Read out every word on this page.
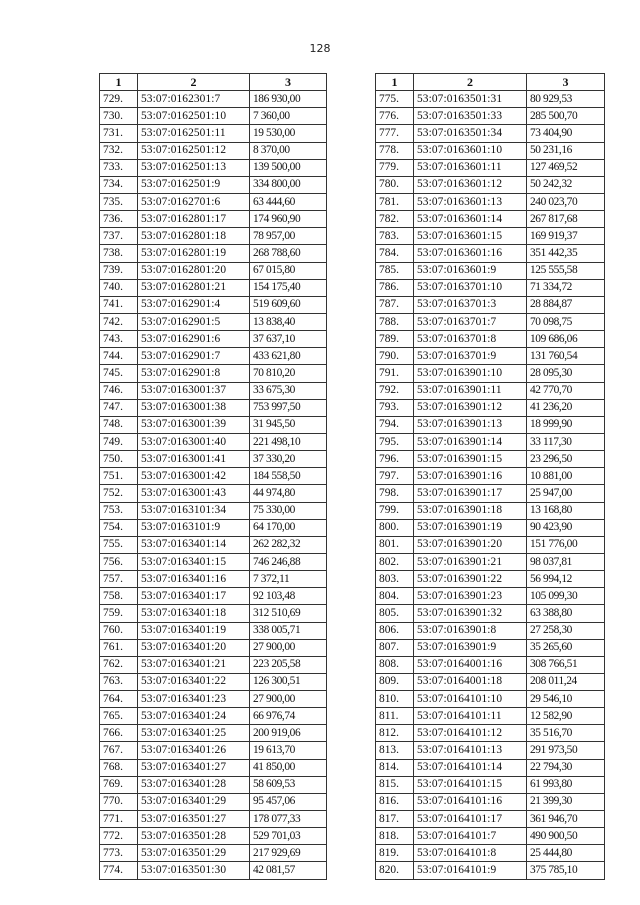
128
1	2	3
729.	53:07:0162301:7	186 930,00
730.	53:07:0162501:10	7 360,00
731.	53:07:0162501:11	19 530,00
732.	53:07:0162501:12	8 370,00
733.	53:07:0162501:13	139 500,00
734.	53:07:0162501:9	334 800,00
735.	53:07:0162701:6	63 444,60
736.	53:07:0162801:17	174 960,90
737.	53:07:0162801:18	78 957,00
738.	53:07:0162801:19	268 788,60
739.	53:07:0162801:20	67 015,80
740.	53:07:0162801:21	154 175,40
741.	53:07:0162901:4	519 609,60
742.	53:07:0162901:5	13 838,40
743.	53:07:0162901:6	37 637,10
744.	53:07:0162901:7	433 621,80
745.	53:07:0162901:8	70 810,20
746.	53:07:0163001:37	33 675,30
747.	53:07:0163001:38	753 997,50
748.	53:07:0163001:39	31 945,50
749.	53:07:0163001:40	221 498,10
750.	53:07:0163001:41	37 330,20
751.	53:07:0163001:42	184 558,50
752.	53:07:0163001:43	44 974,80
753.	53:07:0163101:34	75 330,00
754.	53:07:0163101:9	64 170,00
755.	53:07:0163401:14	262 282,32
756.	53:07:0163401:15	746 246,88
757.	53:07:0163401:16	7 372,11
758.	53:07:0163401:17	92 103,48
759.	53:07:0163401:18	312 510,69
760.	53:07:0163401:19	338 005,71
761.	53:07:0163401:20	27 900,00
762.	53:07:0163401:21	223 205,58
763.	53:07:0163401:22	126 300,51
764.	53:07:0163401:23	27 900,00
765.	53:07:0163401:24	66 976,74
766.	53:07:0163401:25	200 919,06
767.	53:07:0163401:26	19 613,70
768.	53:07:0163401:27	41 850,00
769.	53:07:0163401:28	58 609,53
770.	53:07:0163401:29	95 457,06
771.	53:07:0163501:27	178 077,33
772.	53:07:0163501:28	529 701,03
773.	53:07:0163501:29	217 929,69
774.	53:07:0163501:30	42 081,57
1	2	3
775.	53:07:0163501:31	80 929,53
776.	53:07:0163501:33	285 500,70
777.	53:07:0163501:34	73 404,90
778.	53:07:0163601:10	50 231,16
779.	53:07:0163601:11	127 469,52
780.	53:07:0163601:12	50 242,32
781.	53:07:0163601:13	240 023,70
782.	53:07:0163601:14	267 817,68
783.	53:07:0163601:15	169 919,37
784.	53:07:0163601:16	351 442,35
785.	53:07:0163601:9	125 555,58
786.	53:07:0163701:10	71 334,72
787.	53:07:0163701:3	28 884,87
788.	53:07:0163701:7	70 098,75
789.	53:07:0163701:8	109 686,06
790.	53:07:0163701:9	131 760,54
791.	53:07:0163901:10	28 095,30
792.	53:07:0163901:11	42 770,70
793.	53:07:0163901:12	41 236,20
794.	53:07:0163901:13	18 999,90
795.	53:07:0163901:14	33 117,30
796.	53:07:0163901:15	23 296,50
797.	53:07:0163901:16	10 881,00
798.	53:07:0163901:17	25 947,00
799.	53:07:0163901:18	13 168,80
800.	53:07:0163901:19	90 423,90
801.	53:07:0163901:20	151 776,00
802.	53:07:0163901:21	98 037,81
803.	53:07:0163901:22	56 994,12
804.	53:07:0163901:23	105 099,30
805.	53:07:0163901:32	63 388,80
806.	53:07:0163901:8	27 258,30
807.	53:07:0163901:9	35 265,60
808.	53:07:0164001:16	308 766,51
809.	53:07:0164001:18	208 011,24
810.	53:07:0164101:10	29 546,10
811.	53:07:0164101:11	12 582,90
812.	53:07:0164101:12	35 516,70
813.	53:07:0164101:13	291 973,50
814.	53:07:0164101:14	22 794,30
815.	53:07:0164101:15	61 993,80
816.	53:07:0164101:16	21 399,30
817.	53:07:0164101:17	361 946,70
818.	53:07:0164101:7	490 900,50
819.	53:07:0164101:8	25 444,80
820.	53:07:0164101:9	375 785,10
